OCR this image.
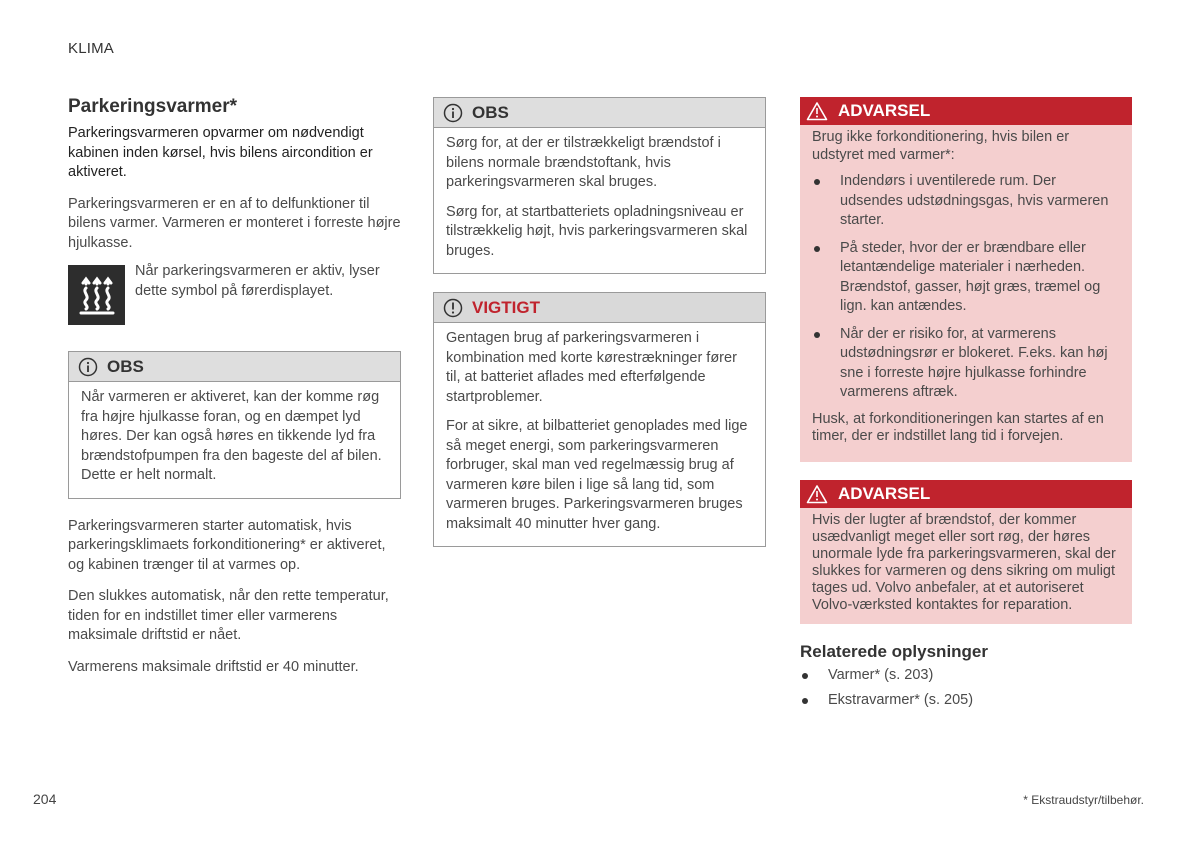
KLIMA
Parkeringsvarmer*

Parkeringsvarmeren opvarmer om nødvendigt kabinen inden kørsel, hvis bilens aircondition er aktiveret.

Parkeringsvarmeren er en af to delfunktioner til bilens varmer. Varmeren er monteret i forreste højre hjulkasse.

Når parkeringsvarmeren er aktiv, lyser dette symbol på førerdisplayet.

OBS

Når varmeren er aktiveret, kan der komme røg fra højre hjulkasse foran, og en dæmpet lyd høres. Der kan også høres en tikkende lyd fra brændstofpumpen fra den bageste del af bilen. Dette er helt normalt.

Parkeringsvarmeren starter automatisk, hvis parkeringsklimaets forkonditionering* er aktiveret, og kabinen trænger til at varmes op.

Den slukkes automatisk, når den rette temperatur, tiden for en indstillet timer eller varmerens maksimale driftstid er nået.

Varmerens maksimale driftstid er 40 minutter.

OBS

Sørg for, at der er tilstrækkeligt brændstof i bilens normale brændstoftank, hvis parkeringsvarmeren skal bruges.

Sørg for, at startbatteriets opladningsniveau er tilstrækkelig højt, hvis parkeringsvarmeren skal bruges.

VIGTIGT

Gentagen brug af parkeringsvarmeren i kombination med korte kørestrækninger fører til, at batteriet aflades med efterfølgende startproblemer.

For at sikre, at bilbatteriet genoplades med lige så meget energi, som parkeringsvarmeren forbruger, skal man ved regelmæssig brug af varmeren køre bilen i lige så lang tid, som varmeren bruges. Parkeringsvarmeren bruges maksimalt 40 minutter hver gang.

ADVARSEL

Brug ikke forkonditionering, hvis bilen er udstyret med varmer*:

Indendørs i uventilerede rum. Der udsendes udstødningsgas, hvis varmeren starter.
På steder, hvor der er brændbare eller letantændelige materialer i nærheden. Brændstof, gasser, højt græs, træmel og lign. kan antændes.
Når der er risiko for, at varmerens udstødningsrør er blokeret. F.eks. kan høj sne i forreste højre hjulkasse forhindre varmerens aftræk.

Husk, at forkonditioneringen kan startes af en timer, der er indstillet lang tid i forvejen.

ADVARSEL

Hvis der lugter af brændstof, der kommer usædvanligt meget eller sort røg, der høres unormale lyde fra parkeringsvarmeren, skal der slukkes for varmeren og dens sikring om muligt tages ud. Volvo anbefaler, at et autoriseret Volvo-værksted kontaktes for reparation.

Relaterede oplysninger
Varmer* (s. 203)
Ekstravarmer* (s. 205)
204	* Ekstraudstyr/tilbehør.
